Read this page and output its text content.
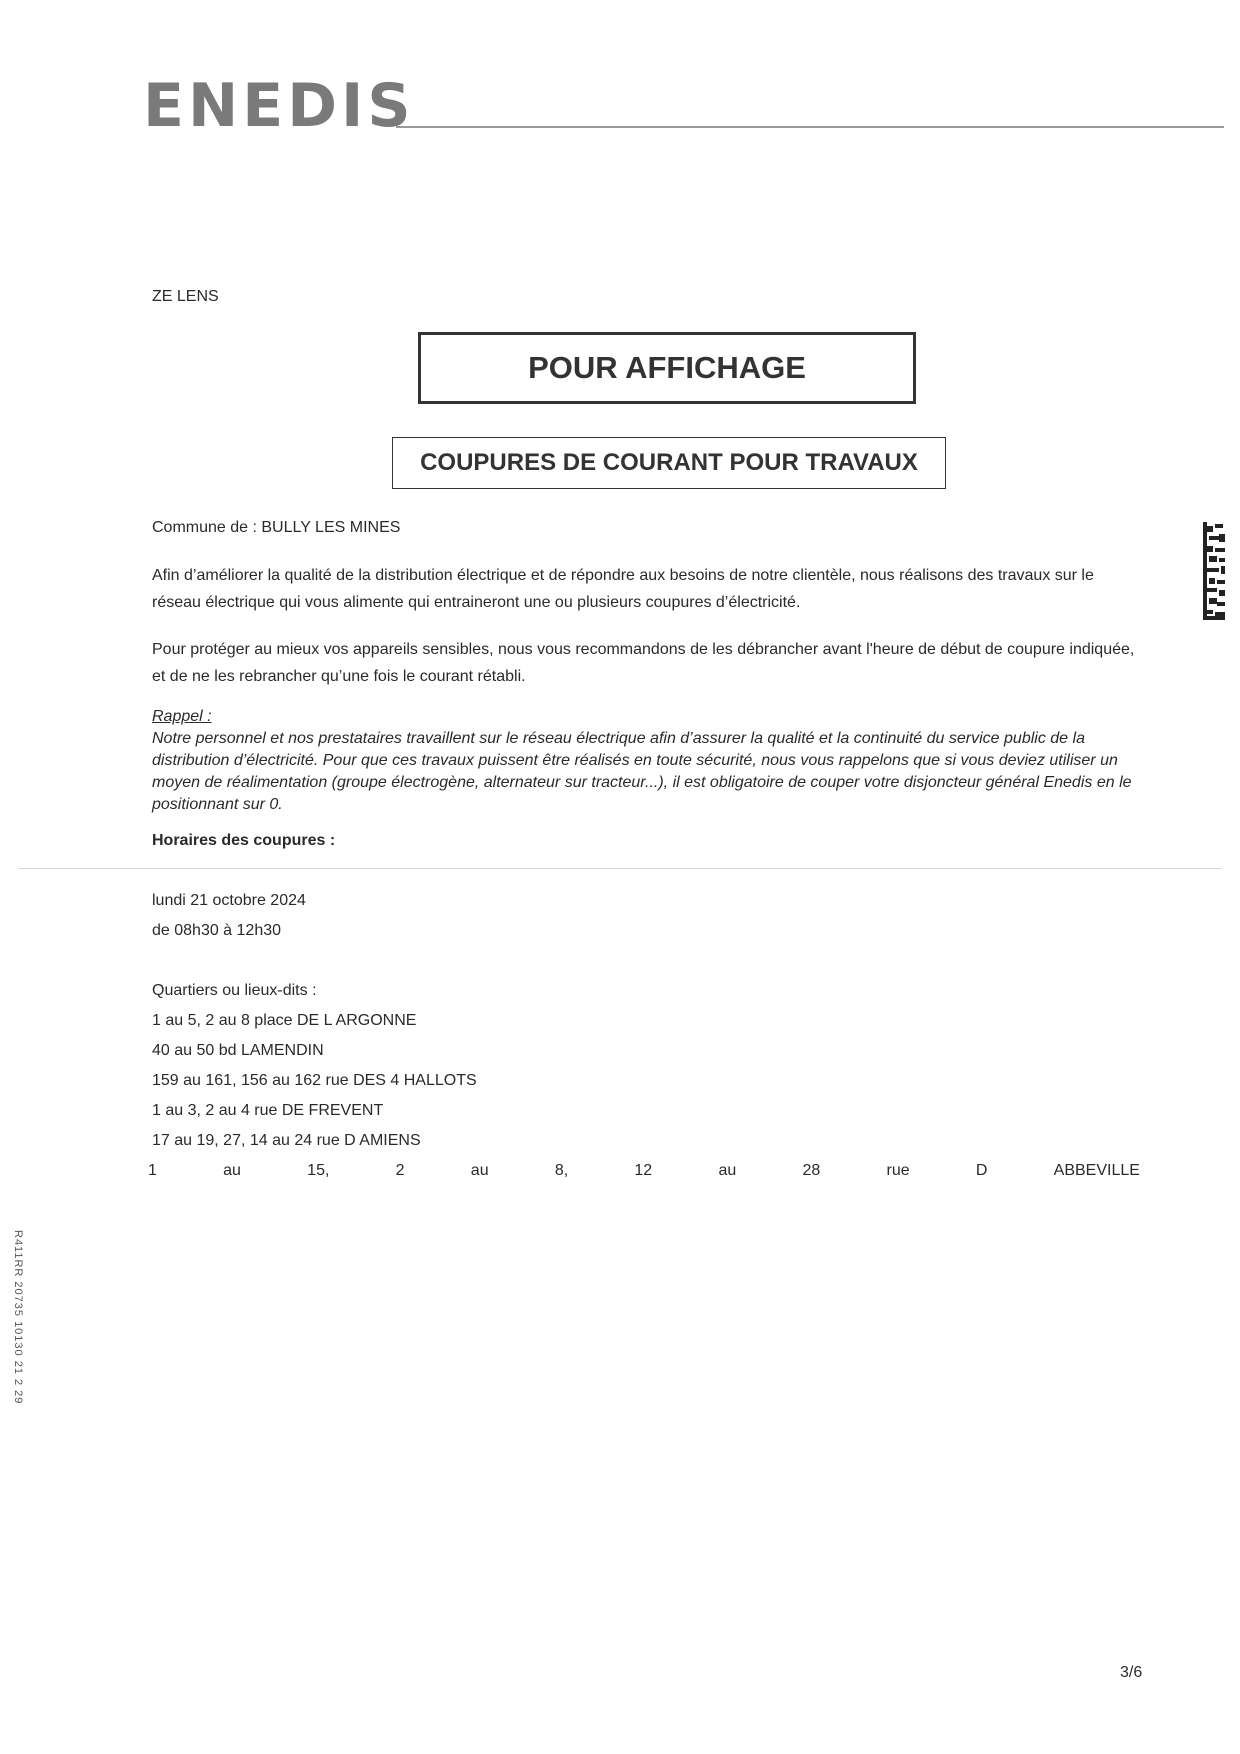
ENEDIS
ZE LENS
POUR AFFICHAGE
COUPURES DE COURANT POUR TRAVAUX
Commune de : BULLY LES MINES
Afin d’améliorer la qualité de la distribution électrique et de répondre aux besoins de notre clientèle, nous réalisons des travaux sur le réseau électrique qui vous alimente qui entraineront une ou plusieurs coupures d’électricité.
Pour protéger au mieux vos appareils sensibles, nous vous recommandons de les débrancher avant l'heure de début de coupure indiquée, et de ne les rebrancher qu’une fois le courant rétabli.
Rappel :
Notre personnel et nos prestataires travaillent sur le réseau électrique afin d’assurer la qualité et la continuité du service public de la distribution d’électricité. Pour que ces travaux puissent être réalisés en toute sécurité, nous vous rappelons que si vous deviez utiliser un moyen de réalimentation (groupe électrogène, alternateur sur tracteur...), il est obligatoire de couper votre disjoncteur général Enedis en le positionnant sur 0.
Horaires des coupures :
lundi 21 octobre 2024
de 08h30 à 12h30
Quartiers ou lieux-dits :
1 au 5, 2 au 8 place DE L ARGONNE
40 au 50 bd LAMENDIN
159 au 161, 156 au 162 rue DES 4 HALLOTS
1 au 3, 2 au 4 rue DE FREVENT
17 au 19, 27, 14 au 24 rue D AMIENS
1	au	15,	2	au	8,	12	au	28	rue	D	ABBEVILLE
R411RR 20735 10130 21 2 29
3/6
